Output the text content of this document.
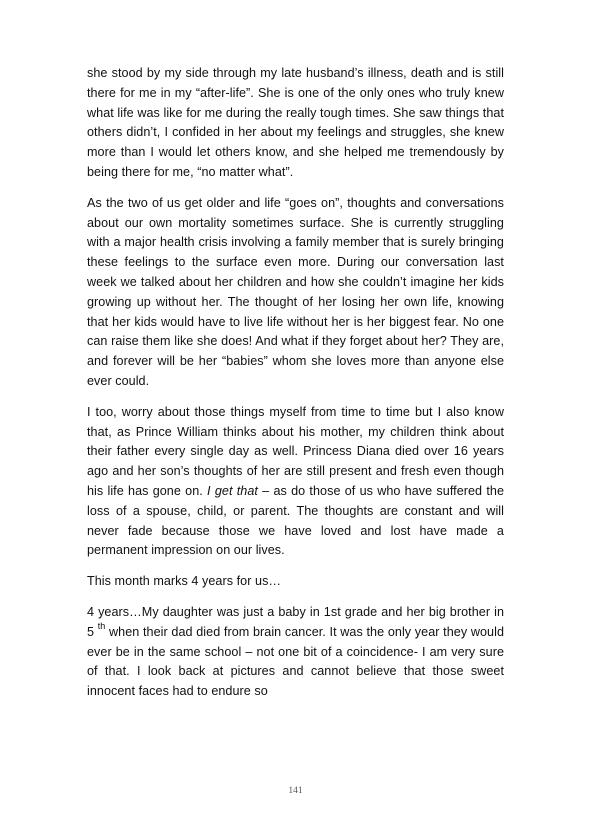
she stood by my side through my late husband’s illness, death and is still there for me in my “after-life”. She is one of the only ones who truly knew what life was like for me during the really tough times. She saw things that others didn’t, I confided in her about my feelings and struggles, she knew more than I would let others know, and she helped me tremendously by being there for me, “no matter what”.

As the two of us get older and life “goes on”, thoughts and conversations about our own mortality sometimes surface. She is currently struggling with a major health crisis involving a family member that is surely bringing these feelings to the surface even more. During our conversation last week we talked about her children and how she couldn’t imagine her kids growing up without her. The thought of her losing her own life, knowing that her kids would have to live life without her is her biggest fear. No one can raise them like she does! And what if they forget about her? They are, and forever will be her “babies” whom she loves more than anyone else ever could.

I too, worry about those things myself from time to time but I also know that, as Prince William thinks about his mother, my children think about their father every single day as well. Princess Diana died over 16 years ago and her son’s thoughts of her are still present and fresh even though his life has gone on. I get that – as do those of us who have suffered the loss of a spouse, child, or parent. The thoughts are constant and will never fade because those we have loved and lost have made a permanent impression on our lives.

This month marks 4 years for us…

4 years…My daughter was just a baby in 1st grade and her big brother in 5 $^{th}$ when their dad died from brain cancer. It was the only year they would ever be in the same school – not one bit of a coincidence- I am very sure of that. I look back at pictures and cannot believe that those sweet innocent faces had to endure so

141
